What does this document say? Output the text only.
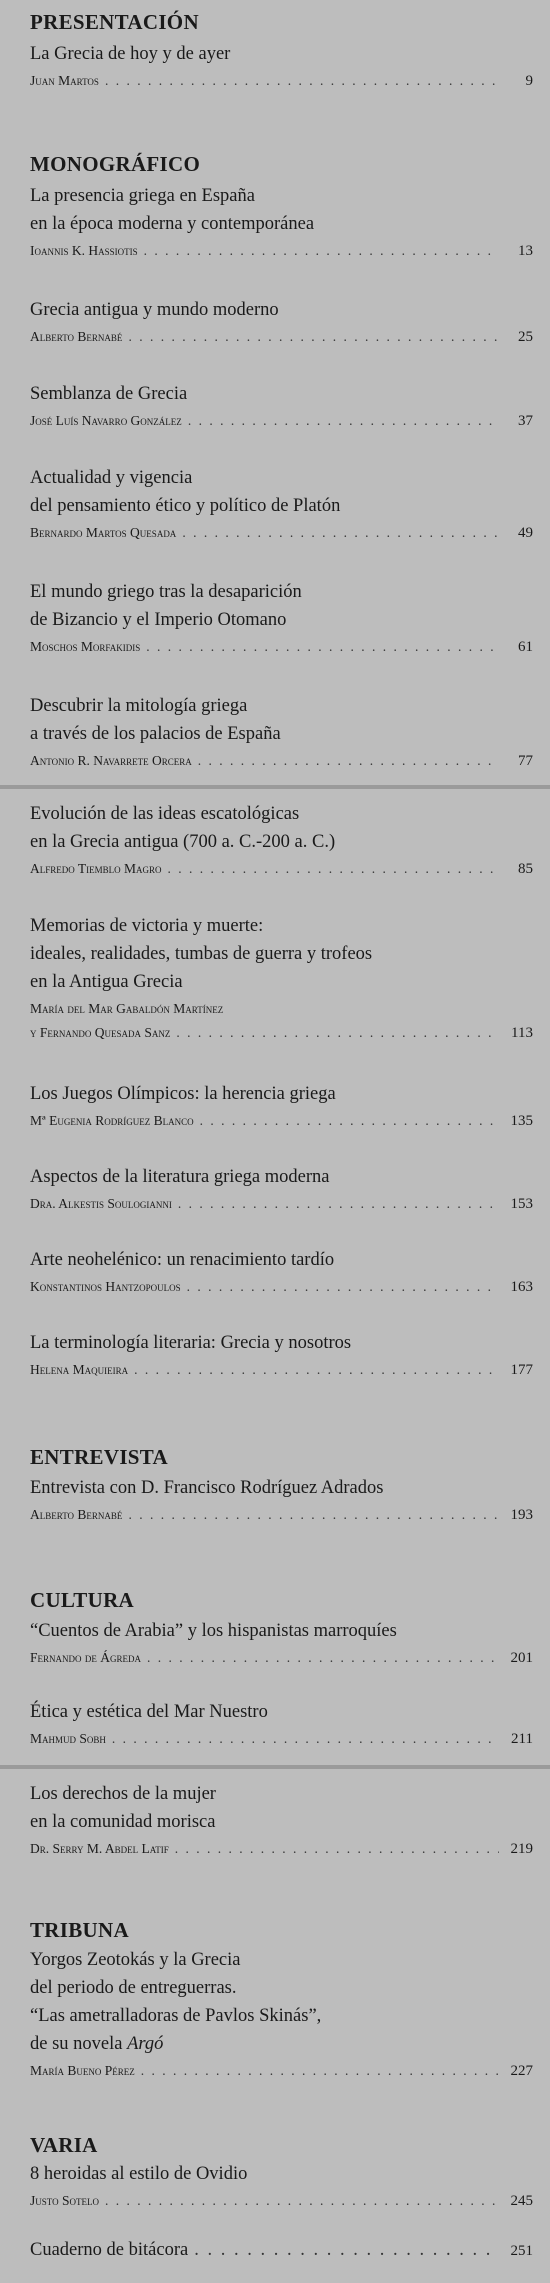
PRESENTACIÓN
La Grecia de hoy y de ayer
Juan Martos . . .	9
MONOGRÁFICO
La presencia griega en España
en la época moderna y contemporánea
Ioannis K. Hassiotis . . .	13
Grecia antigua y mundo moderno
Alberto Bernabé . . .	25
Semblanza de Grecia
José Luís Navarro González . . .	37
Actualidad y vigencia
del pensamiento ético y político de Platón
Bernardo Martos Quesada . . .	49
El mundo griego tras la desaparición
de Bizancio y el Imperio Otomano
Moschos Morfakidis . . .	61
Descubrir la mitología griega
a través de los palacios de España
Antonio R. Navarrete Orcera . . .	77
Evolución de las ideas escatológicas
en la Grecia antigua (700 a. C.-200 a. C.)
Alfredo Tiemblo Magro . . .	85
Memorias de victoria y muerte:
ideales, realidades, tumbas de guerra y trofeos
en la Antigua Grecia
María del Mar Gabaldón Martínez
y Fernando Quesada Sanz . . .	113
Los Juegos Olímpicos: la herencia griega
Mª Eugenia Rodríguez Blanco . . .	135
Aspectos de la literatura griega moderna
Dra. Alkestis Soulogianni . . .	153
Arte neohelénico: un renacimiento tardío
Konstantinos Hantzopoulos . . .	163
La terminología literaria: Grecia y nosotros
Helena Maquieira . . .	177
ENTREVISTA
Entrevista con D. Francisco Rodríguez Adrados
Alberto Bernabé . . .	193
CULTURA
“Cuentos de Arabia” y los hispanistas marroquíes
Fernando de Ágreda . . .	201
Ética y estética del Mar Nuestro
Mahmud Sobh . . .	211
Los derechos de la mujer
en la comunidad morisca
Dr. Serry M. Abdel Latif . . .	219
TRIBUNA
Yorgos Zeotokás y la Grecia
del periodo de entreguerras.
“Las ametralladoras de Pavlos Skinás”,
de su novela Argó
María Bueno Pérez . . .	227
VARIA
8 heroidas al estilo de Ovidio
Justo Sotelo . . .	245
Cuaderno de bitácora . . .	251
